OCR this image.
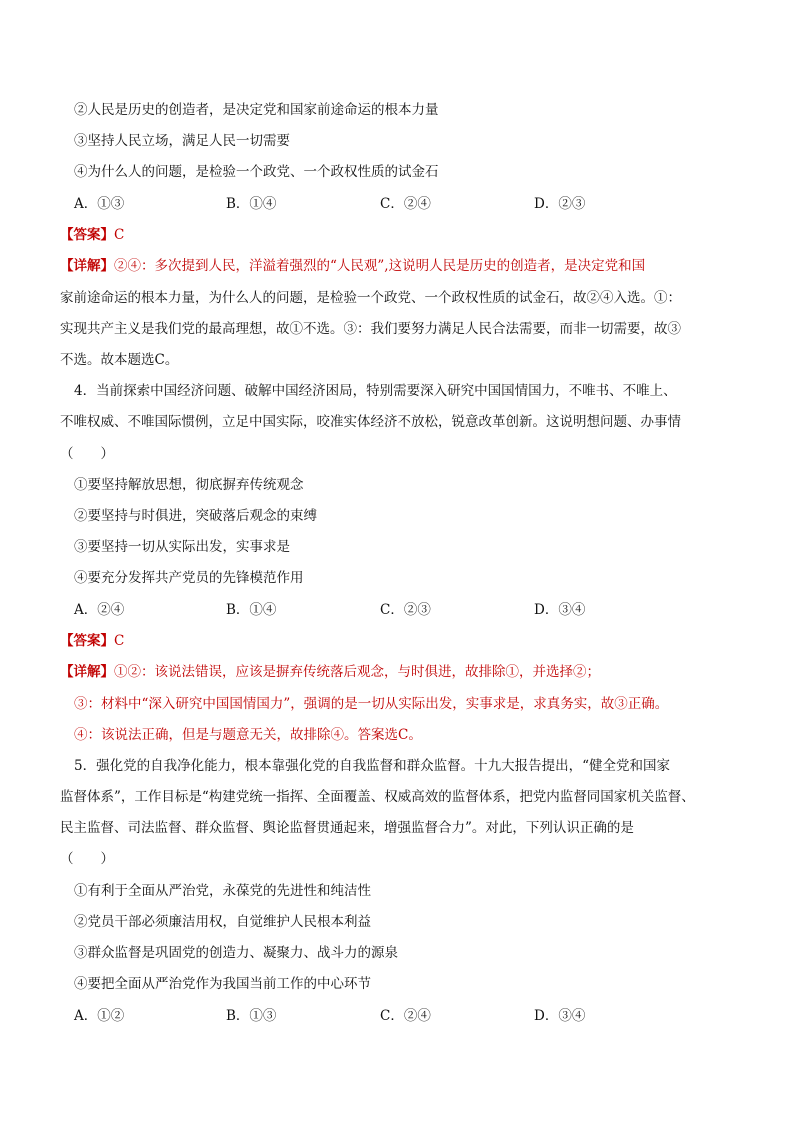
②人民是历史的创造者，是决定党和国家前途命运的根本力量
③坚持人民立场，满足人民一切需要
④为什么人的问题，是检验一个政党、一个政权性质的试金石
A．①③	B．①④	C．②④	D．②③
【答案】C
【详解】②④：多次提到人民，洋溢着强烈的“人民观”,这说明人民是历史的创造者，是决定党和国
家前途命运的根本力量，为什么人的问题，是检验一个政党、一个政权性质的试金石，故②④入选。①：
实现共产主义是我们党的最高理想，故①不选。③：我们要努力满足人民合法需要，而非一切需要，故③
不选。故本题选C。
4．当前探索中国经济问题、破解中国经济困局，特别需要深入研究中国国情国力，不唯书、不唯上、
不唯权威、不唯国际惯例，立足中国实际，咬准实体经济不放松，锐意改革创新。这说明想问题、办事情
（　　）
①要坚持解放思想，彻底摒弃传统观念
②要坚持与时俱进，突破落后观念的束缚
③要坚持一切从实际出发，实事求是
④要充分发挥共产党员的先锋模范作用
A．②④	B．①④	C．②③	D．③④
【答案】C
【详解】①②：该说法错误，应该是摒弃传统落后观念，与时俱进，故排除①，并选择②；
③：材料中“深入研究中国国情国力”，强调的是一切从实际出发，实事求是，求真务实，故③正确。
④：该说法正确，但是与题意无关，故排除④。答案选C。
5．强化党的自我净化能力，根本靠强化党的自我监督和群众监督。十九大报告提出，“健全党和国家
监督体系”，工作目标是“构建党统一指挥、全面覆盖、权威高效的监督体系，把党内监督同国家机关监督、
民主监督、司法监督、群众监督、舆论监督贯通起来，增强监督合力”。对此，下列认识正确的是
（　　）
①有利于全面从严治党，永葆党的先进性和纯洁性
②党员干部必须廉洁用权，自觉维护人民根本利益
③群众监督是巩固党的创造力、凝聚力、战斗力的源泉
④要把全面从严治党作为我国当前工作的中心环节
A．①②	B．①③	C．②④	D．③④
